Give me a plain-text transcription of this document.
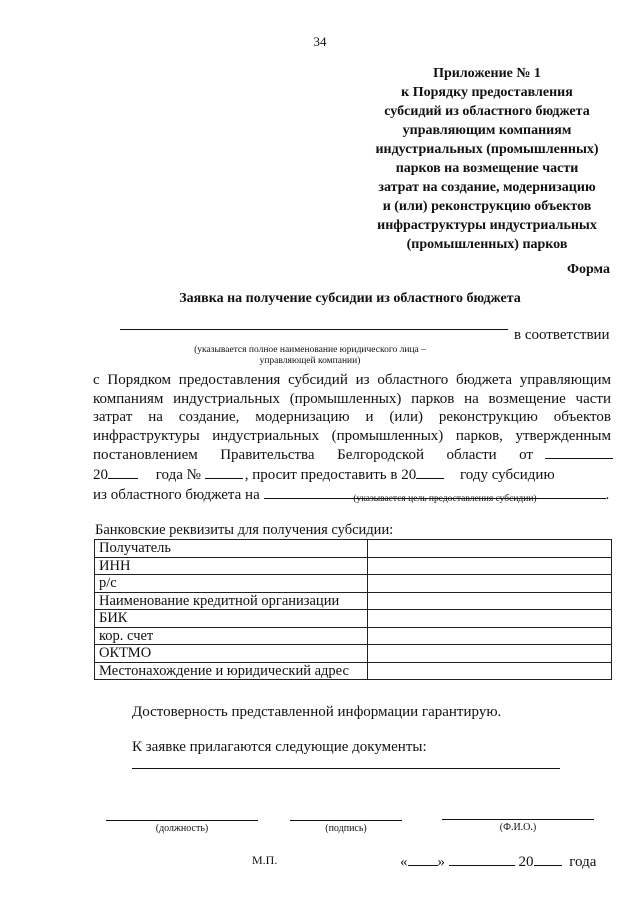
34
Приложение № 1
к Порядку предоставления
субсидий из областного бюджета
управляющим компаниям
индустриальных (промышленных)
парков на возмещение части
затрат на создание, модернизацию
и (или) реконструкцию объектов
инфраструктуры индустриальных
(промышленных) парков
Форма
Заявка на получение субсидии из областного бюджета
в соответствии
(указывается полное наименование юридического лица –
управляющей компании)
с Порядком предоставления субсидий из областного бюджета управляющим
компаниям индустриальных (промышленных) парков на возмещение части
затрат на создание, модернизацию и (или) реконструкцию объектов
инфраструктуры индустриальных (промышленных) парков, утвержденным
постановлением Правительства Белгородской области от
20	года №	, просит предоставить в 20	году субсидию
из областного бюджета на	.
(указывается цель предоставления субсидии)
Банковские реквизиты для получения субсидии:
Получатель	
ИНН	
р/с	
Наименование кредитной организации	
БИК	
кор. счет	
ОКТМО	
Местонахождение и юридический адрес	
Достоверность представленной информации гарантирую.
К заявке прилагаются следующие документы:
(должность)	(подпись)	(Ф.И.О.)
М.П.	« »	20 года
